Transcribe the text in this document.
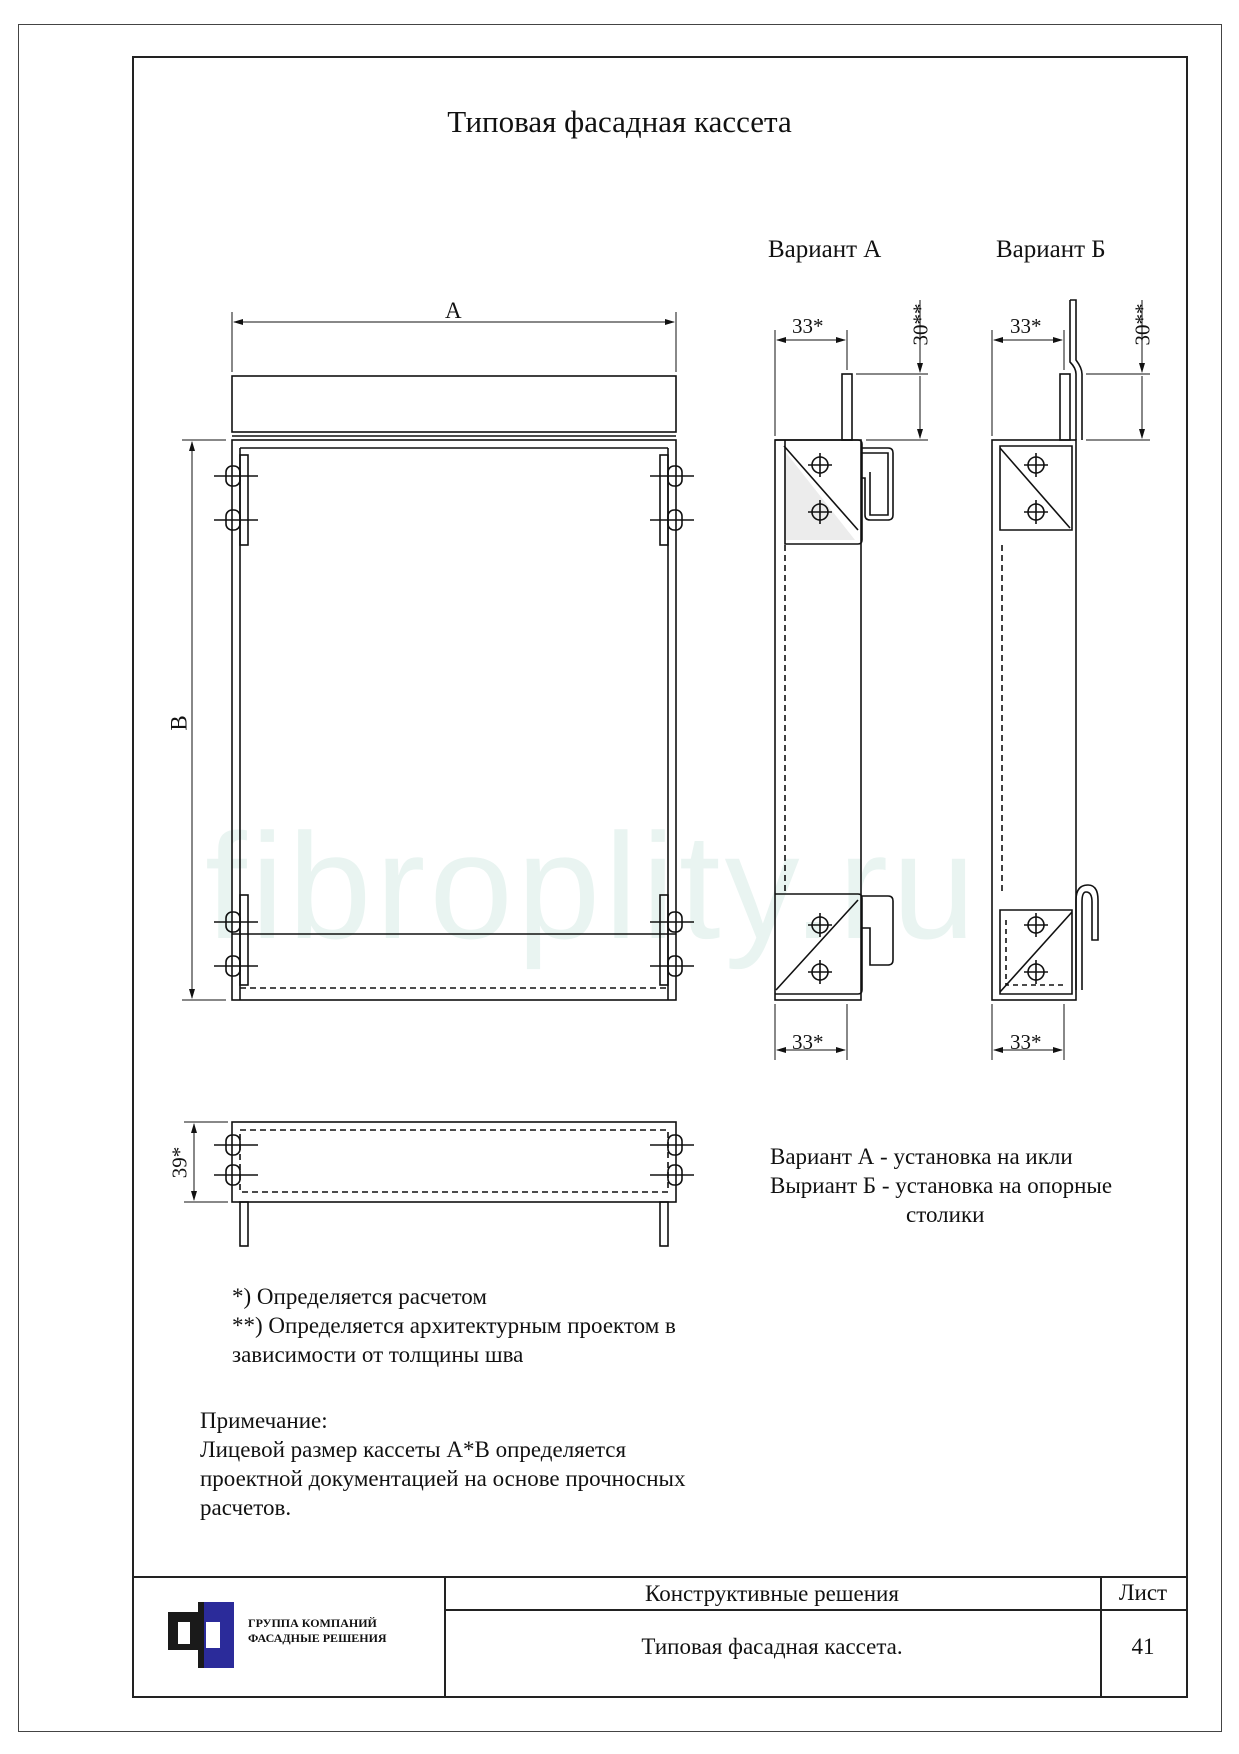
fibroplity.ru
Типовая фасадная кассета
A
B
39*
Вариант А	Вариант Б
33*	30**
33*
33*	30**
33*
Вариант А - установка на икли
Выриант Б - установка на опорные
столики
*) Определяется расчетом
**) Определяется архитектурным проектом в
зависимости от толщины шва
Примечание:
Лицевой размер кассеты А*В определяется
проектной документацией на основе прочносных
расчетов.
ГРУППА КОМПАНИЙ
ФАСАДНЫЕ РЕШЕНИЯ
Конструктивные решения	Лист
Типовая фасадная кассета.	41
